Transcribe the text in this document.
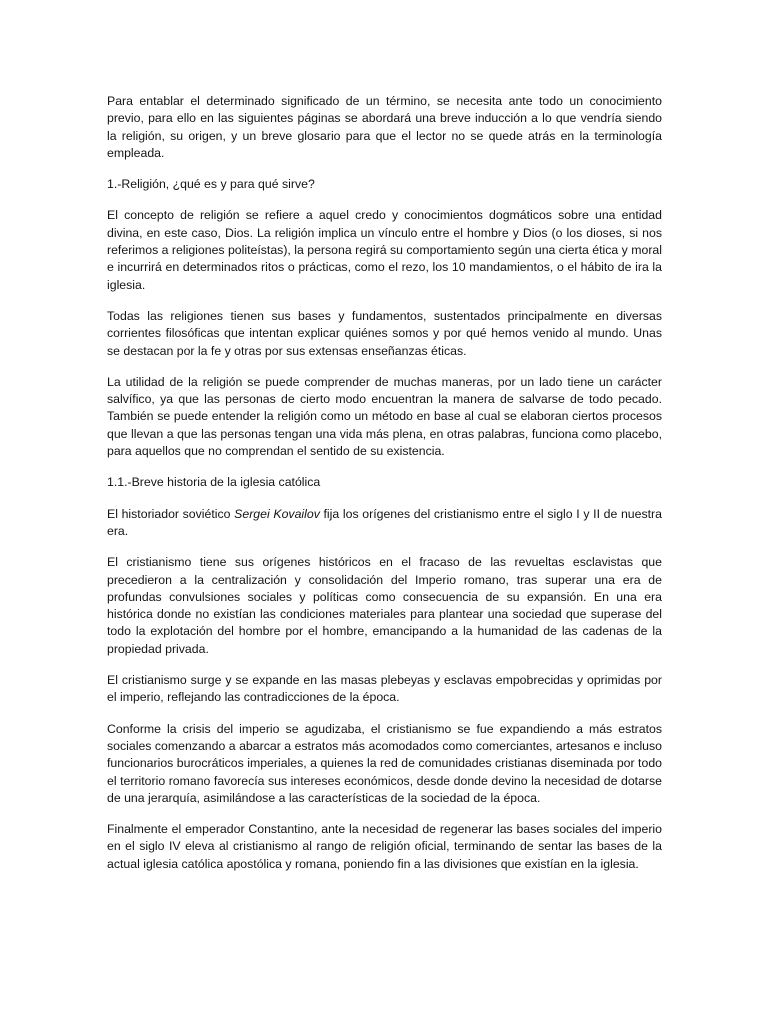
Para entablar el determinado significado de un término, se necesita ante todo un conocimiento previo, para ello en las siguientes páginas se abordará una breve inducción a lo que vendría siendo la religión, su origen, y un breve glosario para que el lector no se quede atrás en la terminología empleada.

1.-Religión, ¿qué es y para qué sirve?

El concepto de religión se refiere a aquel credo y conocimientos dogmáticos sobre una entidad divina, en este caso, Dios. La religión implica un vínculo entre el hombre y Dios (o los dioses, si nos referimos a religiones politeístas), la persona regirá su comportamiento según una cierta ética y moral e incurrirá en determinados ritos o prácticas, como el rezo, los 10 mandamientos, o el hábito de ira la iglesia.

Todas las religiones tienen sus bases y fundamentos, sustentados principalmente en diversas corrientes filosóficas que intentan explicar quiénes somos y por qué hemos venido al mundo. Unas se destacan por la fe y otras por sus extensas enseñanzas éticas.

La utilidad de la religión se puede comprender de muchas maneras, por un lado tiene un carácter salvífico, ya que las personas de cierto modo encuentran la manera de salvarse de todo pecado. También se puede entender la religión como un método en base al cual se elaboran ciertos procesos que llevan a que las personas tengan una vida más plena, en otras palabras, funciona como placebo, para aquellos que no comprendan el sentido de su existencia.

1.1.-Breve historia de la iglesia católica

El historiador soviético Sergei Kovailov fija los orígenes del cristianismo entre el siglo I y II de nuestra era.

El cristianismo tiene sus orígenes históricos en el fracaso de las revueltas esclavistas que precedieron a la centralización y consolidación del Imperio romano, tras superar una era de profundas convulsiones sociales y políticas como consecuencia de su expansión. En una era histórica donde no existían las condiciones materiales para plantear una sociedad que superase del todo la explotación del hombre por el hombre, emancipando a la humanidad de las cadenas de la propiedad privada.

El cristianismo surge y se expande en las masas plebeyas y esclavas empobrecidas y oprimidas por el imperio, reflejando las contradicciones de la época.

Conforme la crisis del imperio se agudizaba, el cristianismo se fue expandiendo a más estratos sociales comenzando a abarcar a estratos más acomodados como comerciantes, artesanos e incluso funcionarios burocráticos imperiales, a quienes la red de comunidades cristianas diseminada por todo el territorio romano favorecía sus intereses económicos, desde donde devino la necesidad de dotarse de una jerarquía, asimilándose a las características de la sociedad de la época.

Finalmente el emperador Constantino, ante la necesidad de regenerar las bases sociales del imperio en el siglo IV eleva al cristianismo al rango de religión oficial, terminando de sentar las bases de la actual iglesia católica apostólica y romana, poniendo fin a las divisiones que existían en la iglesia.
